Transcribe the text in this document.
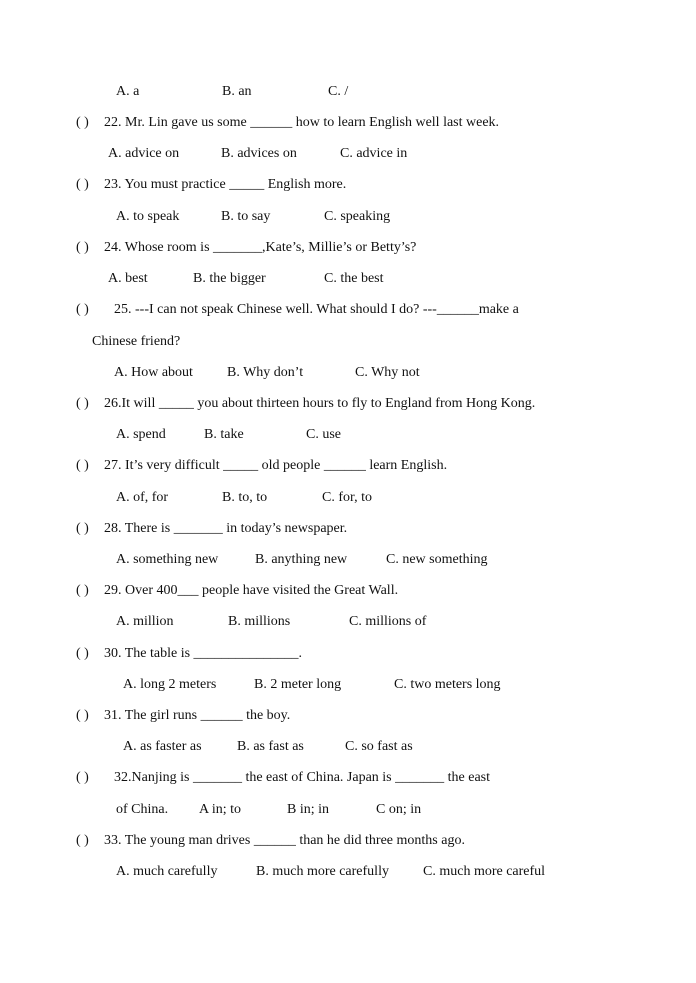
A. a	B. an	C. /
( ) 22. Mr. Lin gave us some ______ how to learn English well last week.
A. advice on	B. advices on	C. advice in
( ) 23. You must practice _____ English more.
A. to speak	B. to say	C. speaking
( ) 24. Whose room is _______,Kate’s, Millie’s or Betty’s?
A. best	B. the bigger	C. the best
( ) 25. ---I can not speak Chinese well. What should I do? ---______make a
Chinese friend?
A. How about B. Why don’t	C. Why not
( ) 26.It will _____ you about thirteen hours to fly to England from Hong Kong.
A. spend	B. take	C. use
( ) 27. It’s very difficult _____ old people ______ learn English.
A. of, for	B. to, to	C. for, to
( ) 28. There is _______ in today’s newspaper.
A. something new	B. anything new	C. new something
( ) 29. Over 400___ people have visited the Great Wall.
A. million	B. millions	C. millions of
( ) 30. The table is _______________.
A. long 2 meters	B. 2 meter long	C. two meters long
( ) 31. The girl runs ______ the boy.
A. as faster as	B. as fast as	C. so fast as
( ) 32.Nanjing is _______ the east of China. Japan is _______ the east
of China. A in; to	B in; in	C on; in
( ) 33. The young man drives ______ than he did three months ago.
A. much carefully	B. much more carefully C. much more careful
